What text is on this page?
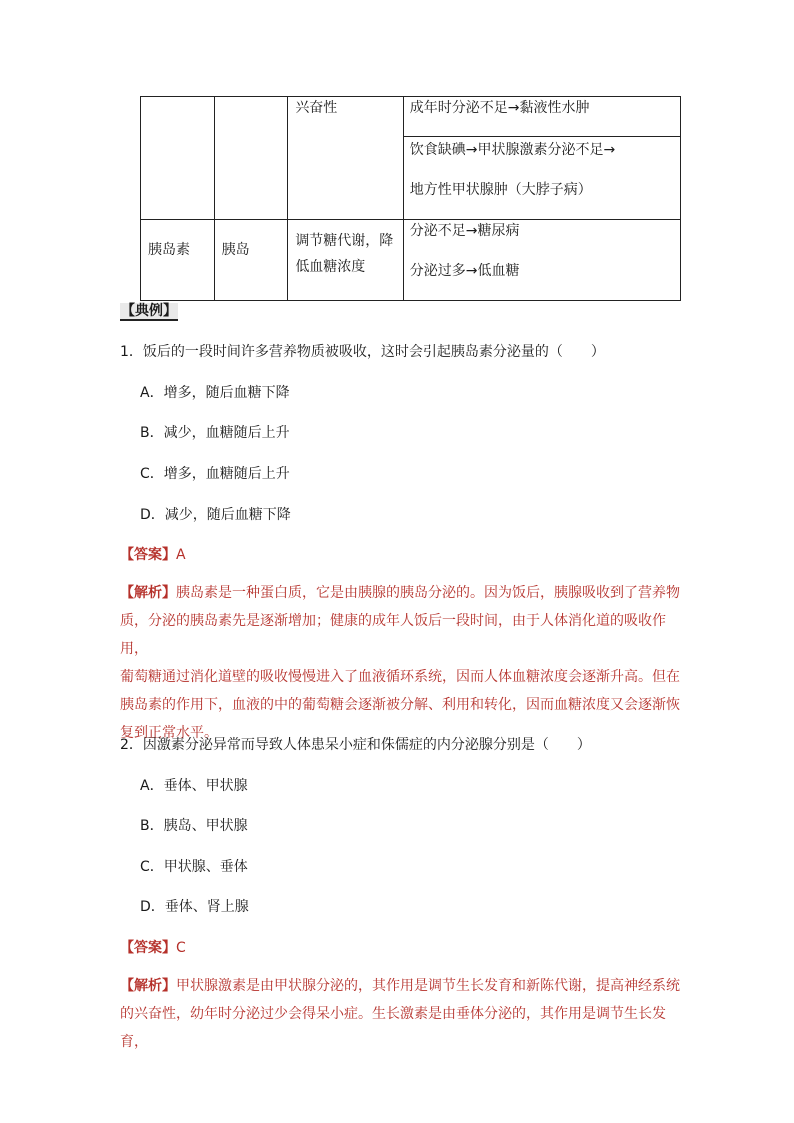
		兴奋性	成年时分泌不足→黏液性水肿

饮食缺碘→甲状腺激素分泌不足→

地方性甲状腺肿（大脖子病）

胰岛素	胰岛	调节糖代谢，降低血糖浓度	分泌不足→糖尿病

分泌过多→低血糖

【典例】
1．饭后的一段时间许多营养物质被吸收，这时会引起胰岛素分泌量的（　　）
A．增多，随后血糖下降
B．减少，血糖随后上升
C．增多，血糖随后上升
D．减少，随后血糖下降
【答案】A

【解析】胰岛素是一种蛋白质，它是由胰腺的胰岛分泌的。因为饭后，胰腺吸收到了营养物

质，分泌的胰岛素先是逐渐增加；健康的成年人饭后一段时间，由于人体消化道的吸收作用，

葡萄糖通过消化道壁的吸收慢慢进入了血液循环系统，因而人体血糖浓度会逐渐升高。但在

胰岛素的作用下，血液的中的葡萄糖会逐渐被分解、利用和转化，因而血糖浓度又会逐渐恢

复到正常水平。

2．因激素分泌异常而导致人体患呆小症和侏儒症的内分泌腺分别是（　　）
A．垂体、甲状腺
B．胰岛、甲状腺
C．甲状腺、垂体
D．垂体、肾上腺
【答案】C

【解析】甲状腺激素是由甲状腺分泌的，其作用是调节生长发育和新陈代谢，提高神经系统

的兴奋性，幼年时分泌过少会得呆小症。生长激素是由垂体分泌的，其作用是调节生长发育，
